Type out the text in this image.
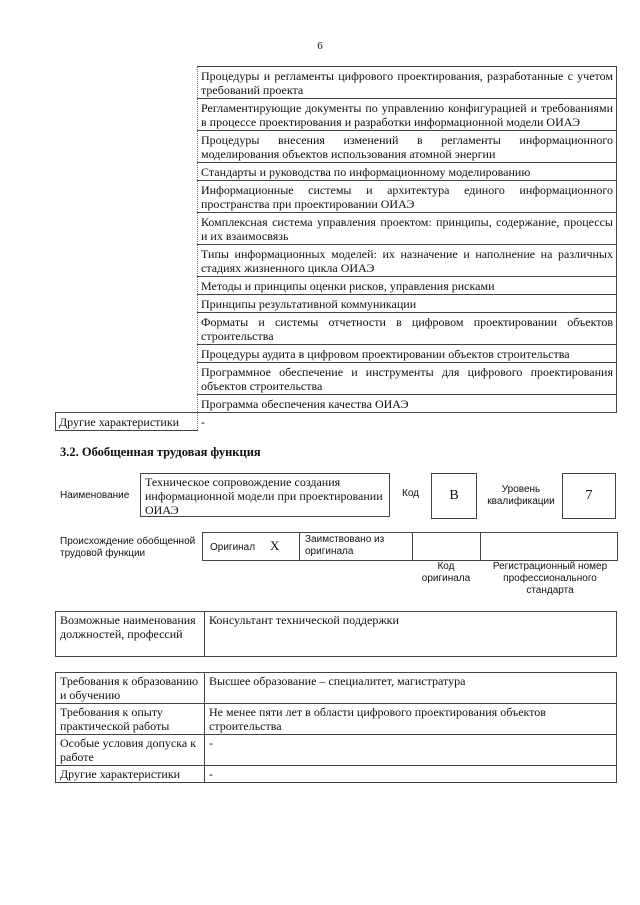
6
	Процедуры и регламенты цифрового проектирования, разработанные с учетом требований проекта
	Регламентирующие документы по управлению конфигурацией и требованиями в процессе проектирования и разработки информационной модели ОИАЭ
	Процедуры внесения изменений в регламенты информационного моделирования объектов использования атомной энергии
	Стандарты и руководства по информационному моделированию
	Информационные системы и архитектура единого информационного пространства при проектировании ОИАЭ
	Комплексная система управления проектом: принципы, содержание, процессы и их взаимосвязь
	Типы информационных моделей: их назначение и наполнение на различных стадиях жизненного цикла ОИАЭ
	Методы и принципы оценки рисков, управления рисками
	Принципы результативной коммуникации
	Форматы и системы отчетности в цифровом проектировании объектов строительства
	Процедуры аудита в цифровом проектировании объектов строительства
	Программное обеспечение и инструменты для цифрового проектирования объектов строительства
	Программа обеспечения качества ОИАЭ
Другие характеристики	-
3.2. Обобщенная трудовая функция
Наименование
Техническое сопровождение создания информационной модели при проектировании ОИАЭ
Код	B	Уровень квалификации	7
Происхождение обобщенной трудовой функции
Оригинал X	Заимствовано из оригинала
Код оригинала
Регистрационный номер профессионального стандарта
Возможные наименования должностей, профессий	Консультант технической поддержки
Требования к образованию и обучению	Высшее образование – специалитет, магистратура
Требования к опыту практической работы	Не менее пяти лет в области цифрового проектирования объектов строительства
Особые условия допуска к работе	-
Другие характеристики	-
